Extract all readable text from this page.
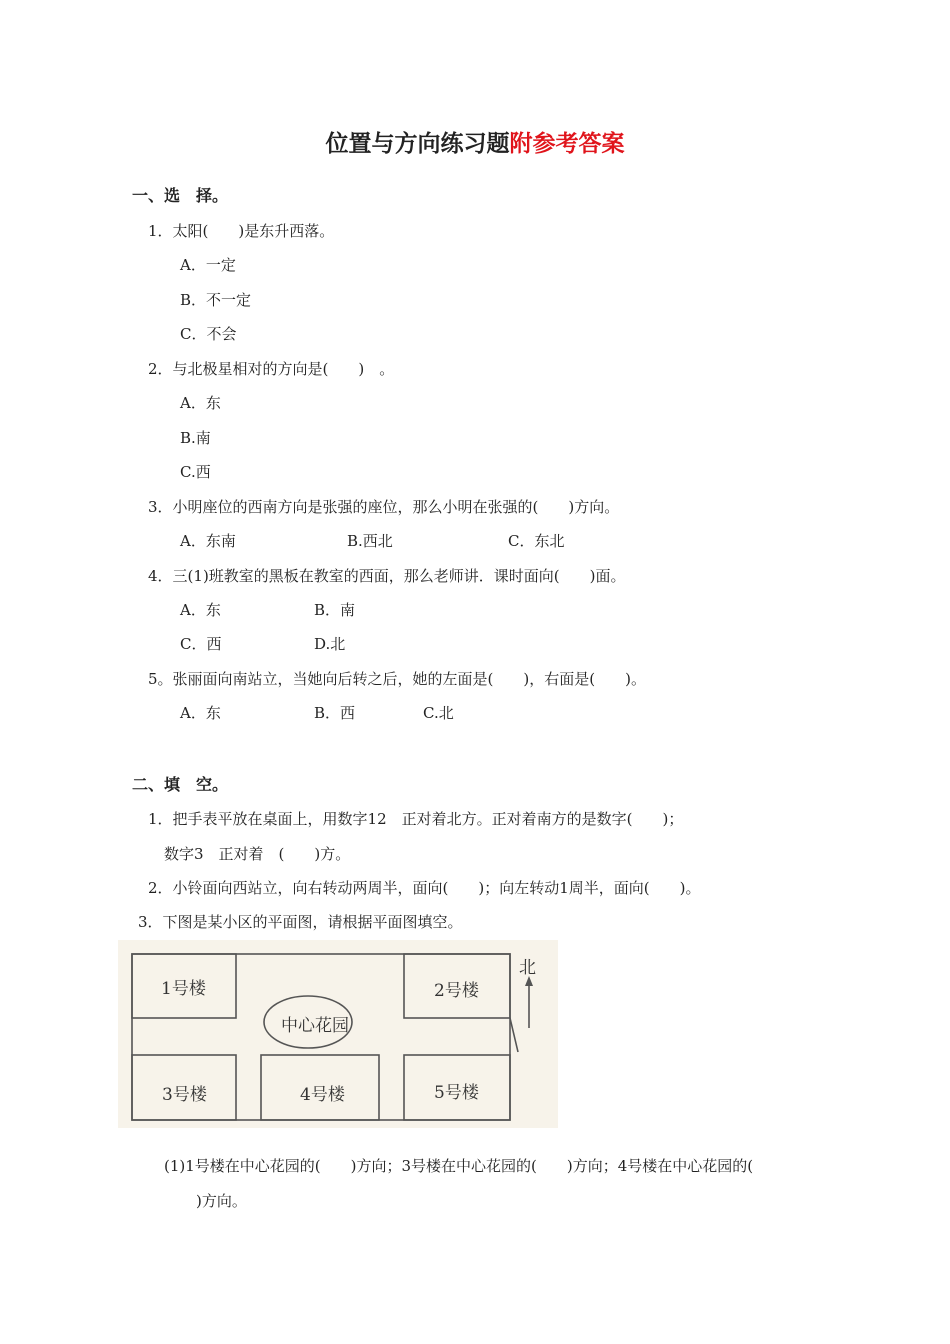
位置与方向练习题附参考答案
一、选　择。
1．太阳(　　)是东升西落。
A．一定
B．不一定
C．不会
2．与北极星相对的方向是(　　)　。
A．东
B.南
C.西
3．小明座位的西南方向是张强的座位，那么小明在张强的(　　)方向。
A．东南	B.西北	C．东北
4．三(1)班教室的黑板在教室的西面，那么老师讲．课时面向(　　)面。
A．东	B．南
C．西	D.北
5。张丽面向南站立，当她向后转之后，她的左面是(　　)，右面是(　　)。
A．东	B．西	C.北
二、填　空。
1．把手表平放在桌面上，用数字12　正对着北方。正对着南方的是数字(　　)；
数字3　正对着　(　　)方。
2．小铃面向西站立，向右转动两周半，面向(　　)；向左转动1周半，面向(　　)。
3．下图是某小区的平面图，请根据平面图填空。
1号楼	2号楼
3号楼	4号楼	5号楼
中心花园
北
(1)1号楼在中心花园的(　　)方向；3号楼在中心花园的(　　)方向；4号楼在中心花园的(
)方向。
